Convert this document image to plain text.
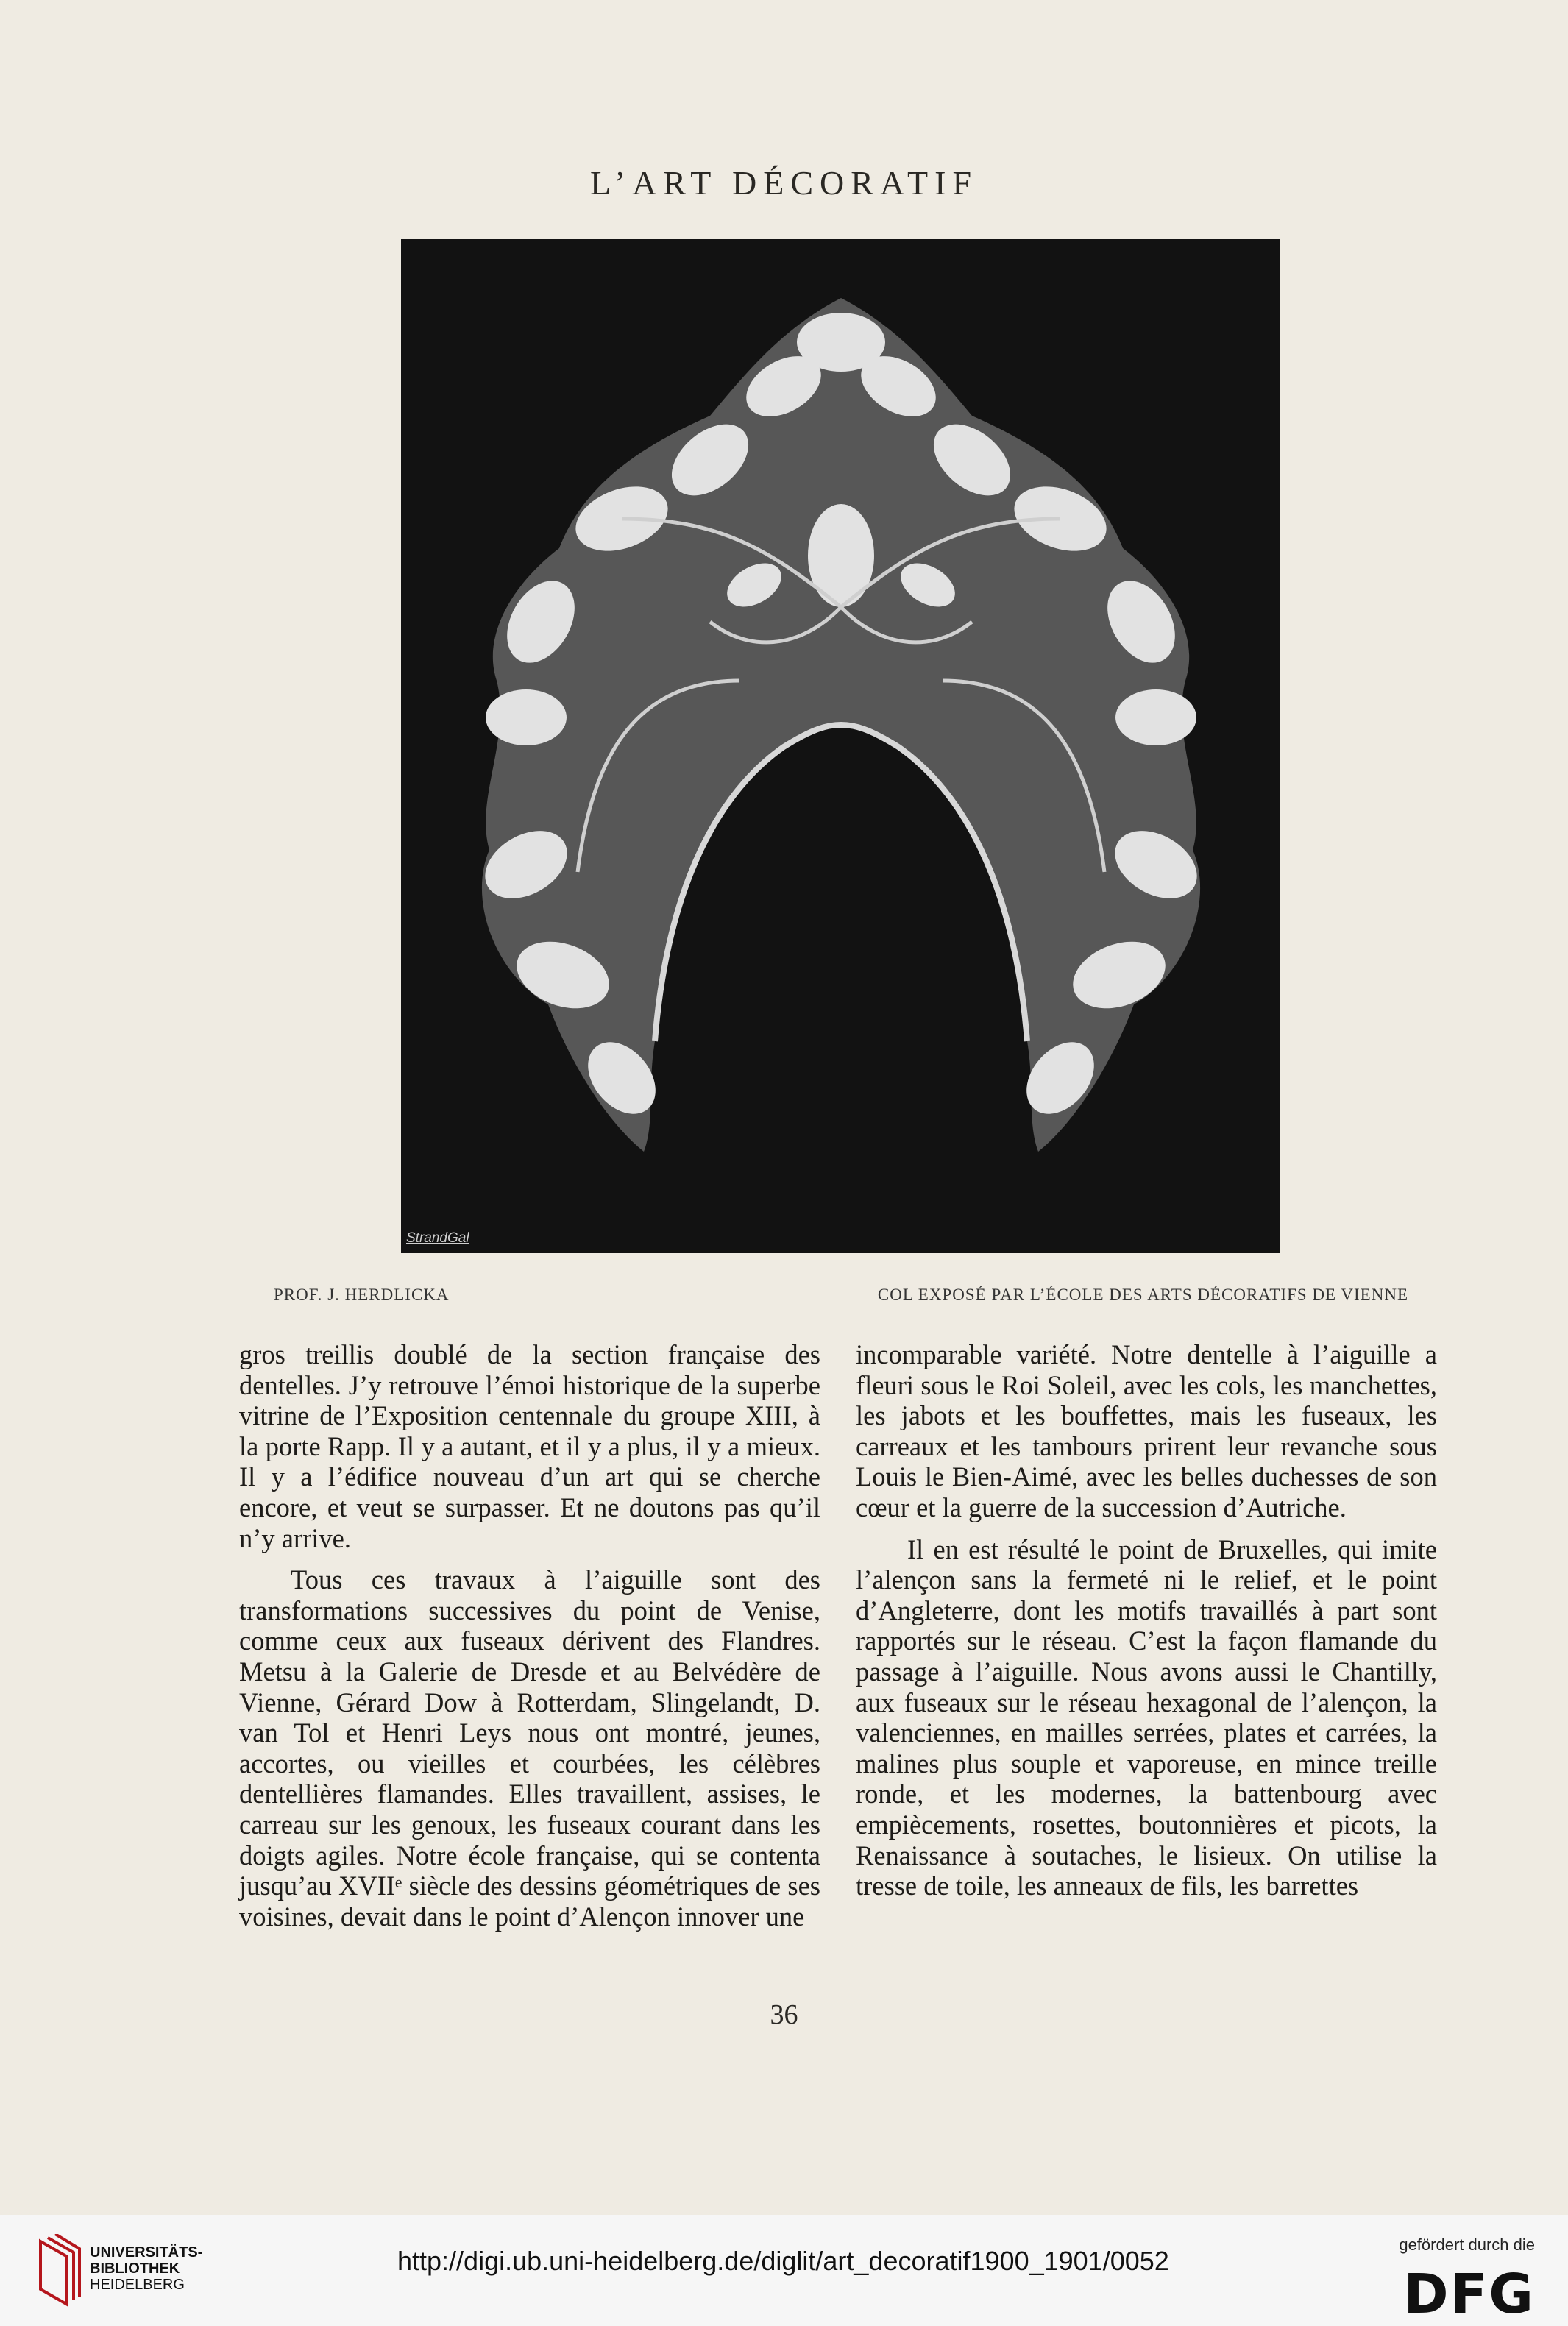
L’ART DÉCORATIF
StrandGal
PROF. J. HERDLICKA	COL EXPOSÉ PAR L’ÉCOLE DES ARTS DÉCORATIFS DE VIENNE

gros treillis doublé de la section française des dentelles. J’y retrouve l’émoi historique de la superbe vitrine de l’Exposition centennale du groupe XIII, à la porte Rapp. Il y a autant, et il y a plus, il y a mieux. Il y a l’édifice nouveau d’un art qui se cherche encore, et veut se surpasser. Et ne doutons pas qu’il n’y arrive.

Tous ces travaux à l’aiguille sont des transformations successives du point de Venise, comme ceux aux fuseaux dérivent des Flandres. Metsu à la Galerie de Dresde et au Belvédère de Vienne, Gérard Dow à Rotterdam, Slingelandt, D. van Tol et Henri Leys nous ont montré, jeunes, accortes, ou vieilles et courbées, les célèbres dentellières flamandes. Elles travaillent, assises, le carreau sur les genoux, les fuseaux courant dans les doigts agiles. Notre école française, qui se contenta jusqu’au XVIIᵉ siècle des dessins géométriques de ses voisines, devait dans le point d’Alençon innover une

incomparable variété. Notre dentelle à l’aiguille a fleuri sous le Roi Soleil, avec les cols, les manchettes, les jabots et les bouffettes, mais les fuseaux, les carreaux et les tambours prirent leur revanche sous Louis le Bien-Aimé, avec les belles duchesses de son cœur et la guerre de la succession d’Autriche.

Il en est résulté le point de Bruxelles, qui imite l’alençon sans la fermeté ni le relief, et le point d’Angleterre, dont les motifs travaillés à part sont rapportés sur le réseau. C’est la façon flamande du passage à l’aiguille. Nous avons aussi le Chantilly, aux fuseaux sur le réseau hexagonal de l’alençon, la valenciennes, en mailles serrées, plates et carrées, la malines plus souple et vaporeuse, en mince treille ronde, et les modernes, la battenbourg avec empiècements, rosettes, boutonnières et picots, la Renaissance à soutaches, le lisieux. On utilise la tresse de toile, les anneaux de fils, les barrettes

36
UNIVERSITÄTS-
BIBLIOTHEK
HEIDELBERG
http://digi.ub.uni-heidelberg.de/diglit/art_decoratif1900_1901/0052
gefördert durch die
DFG
